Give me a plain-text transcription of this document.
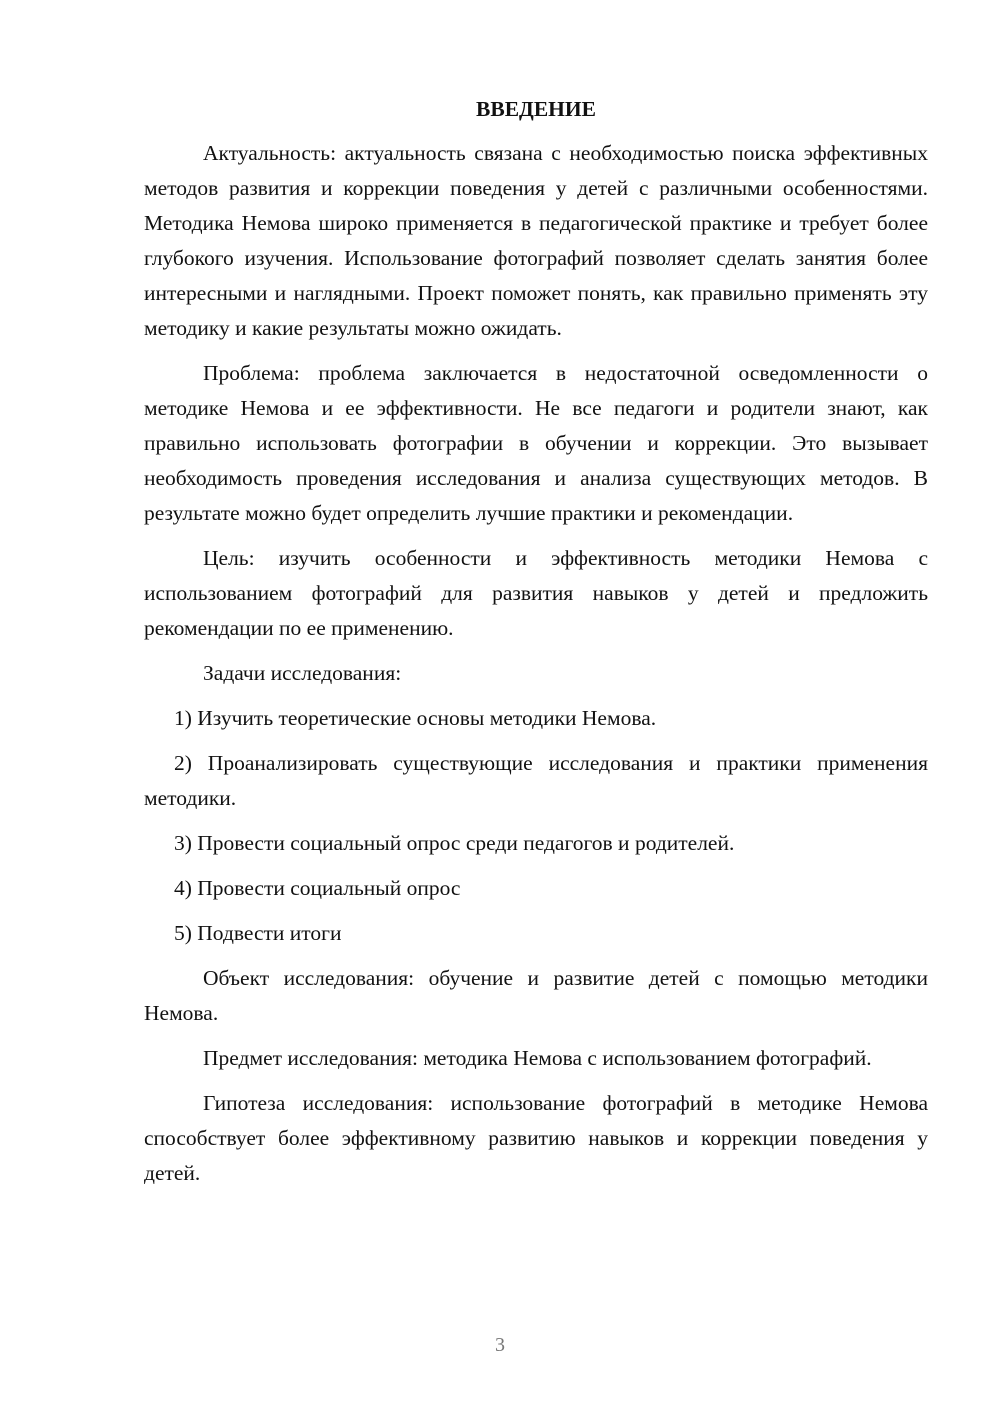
ВВЕДЕНИЕ

Актуальность: актуальность связана с необходимостью поиска эффективных методов развития и коррекции поведения у детей с различными особенностями. Методика Немова широко применяется в педагогической практике и требует более глубокого изучения. Использование фотографий позволяет сделать занятия более интересными и наглядными. Проект поможет понять, как правильно применять эту методику и какие результаты можно ожидать.

Проблема: проблема заключается в недостаточной осведомленности о методике Немова и ее эффективности. Не все педагоги и родители знают, как правильно использовать фотографии в обучении и коррекции. Это вызывает необходимость проведения исследования и анализа существующих методов. В результате можно будет определить лучшие практики и рекомендации.

Цель: изучить особенности и эффективность методики Немова с использованием фотографий для развития навыков у детей и предложить рекомендации по ее применению.

Задачи исследования:

1) Изучить теоретические основы методики Немова.

2) Проанализировать существующие исследования и практики применения методики.

3) Провести социальный опрос среди педагогов и родителей.

4) Провести социальный опрос

5) Подвести итоги

Объект исследования: обучение и развитие детей с помощью методики Немова.

Предмет исследования: методика Немова с использованием фотографий.

Гипотеза исследования: использование фотографий в методике Немова способствует более эффективному развитию навыков и коррекции поведения у детей.

3
